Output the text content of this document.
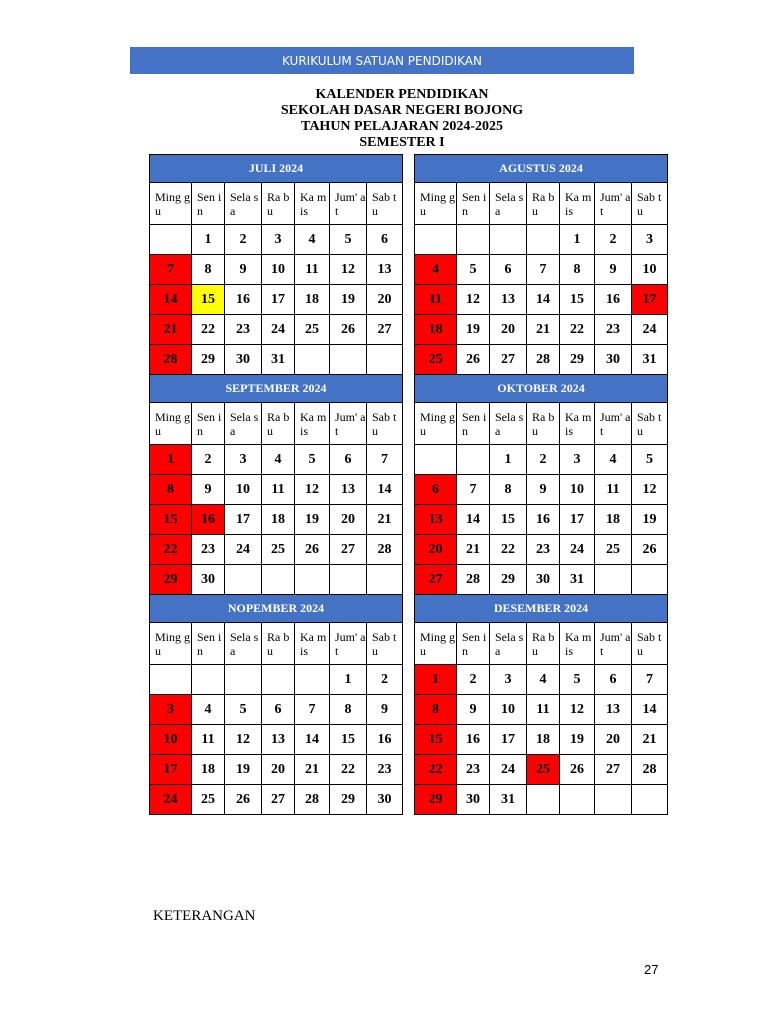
KURIKULUM SATUAN PENDIDIKAN
KALENDER PENDIDIKAN
SEKOLAH DASAR NEGERI BOJONG
TAHUN PELAJARAN 2024-2025
SEMESTER I
JULI 2024						
Ming gu	Sen in	Sela sa	Ra bu	Ka mis	Jum' at	Sab tu
	1	2	3	4	5	6
7	8	9	10	11	12	13
14	15	16	17	18	19	20
21	22	23	24	25	26	27
28	29	30	31			
AGUSTUS 2024						
Ming gu	Sen in	Sela sa	Ra bu	Ka mis	Jum' at	Sab tu
				1	2	3
4	5	6	7	8	9	10
11	12	13	14	15	16	17
18	19	20	21	22	23	24
25	26	27	28	29	30	31
SEPTEMBER 2024						
Ming gu	Sen in	Sela sa	Ra bu	Ka mis	Jum' at	Sab tu
1	2	3	4	5	6	7
8	9	10	11	12	13	14
15	16	17	18	19	20	21
22	23	24	25	26	27	28
29	30					
OKTOBER 2024						
Ming gu	Sen in	Sela sa	Ra bu	Ka mis	Jum' at	Sab tu
		1	2	3	4	5
6	7	8	9	10	11	12
13	14	15	16	17	18	19
20	21	22	23	24	25	26
27	28	29	30	31		
NOPEMBER 2024						
Ming gu	Sen in	Sela sa	Ra bu	Ka mis	Jum' at	Sab tu
					1	2
3	4	5	6	7	8	9
10	11	12	13	14	15	16
17	18	19	20	21	22	23
24	25	26	27	28	29	30
DESEMBER 2024						
Ming gu	Sen in	Sela sa	Ra bu	Ka mis	Jum' at	Sab tu
1	2	3	4	5	6	7
8	9	10	11	12	13	14
15	16	17	18	19	20	21
22	23	24	25	26	27	28
29	30	31				
KETERANGAN
27
